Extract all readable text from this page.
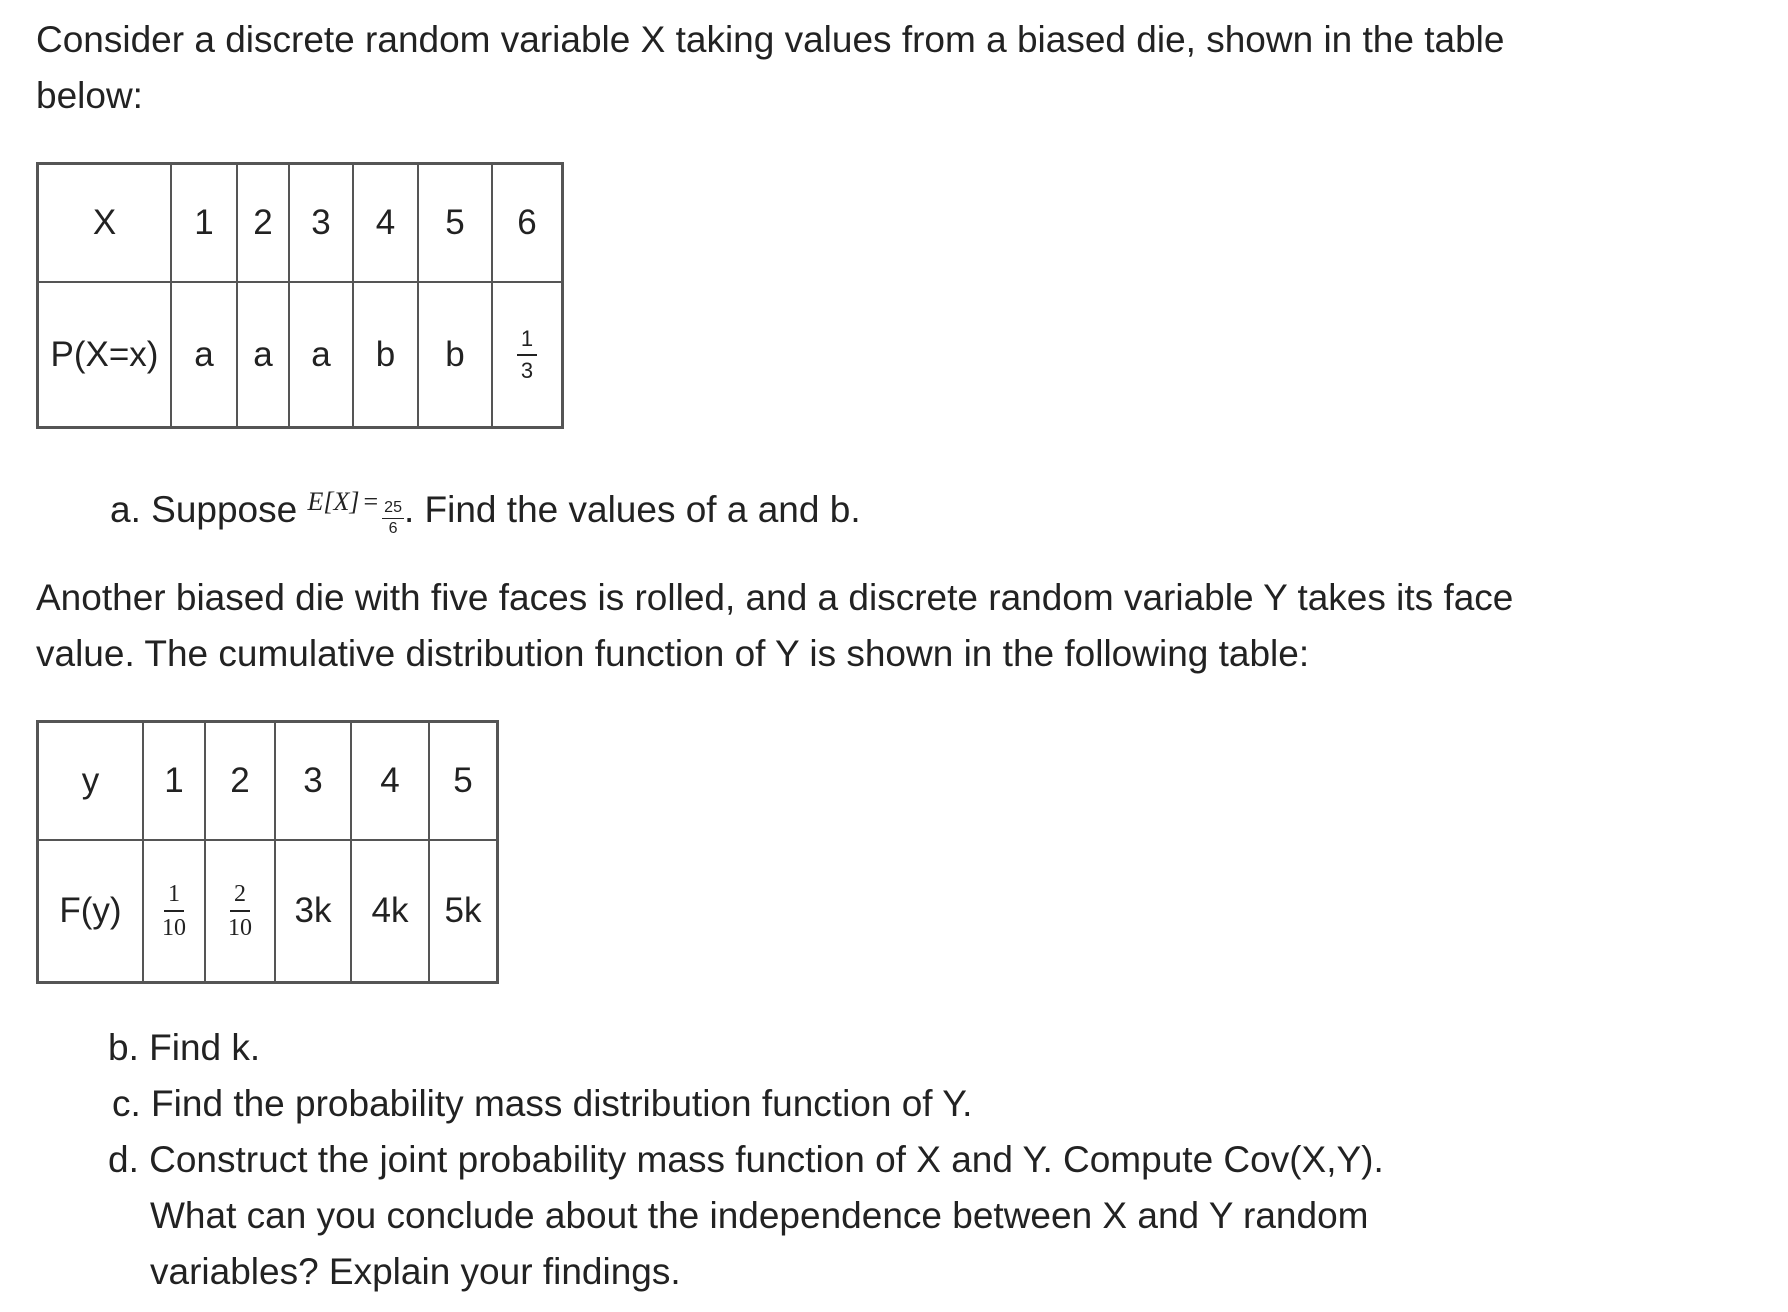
Consider a discrete random variable X taking values from a biased die, shown in the table below:

X	1	2	3	4	5	6
P(X=x)	a	a	a	b	b	$\frac{1}{3}$
a. Suppose $^{E[X]}$ $^= \frac{25}{6}$ . Find the values of a and b.

Another biased die with five faces is rolled, and a discrete random variable Y takes its face value. The cumulative distribution function of Y is shown in the following table:

y	1	2	3	4	5
F(y)	$\frac{1}{10}$	$\frac{2}{10}$	3k	4k	5k
b. Find k.
c. Find the probability mass distribution function of Y.
d. Construct the joint probability mass function of X and Y. Compute Cov(X,Y).
What can you conclude about the independence between X and Y random
variables? Explain your findings.
